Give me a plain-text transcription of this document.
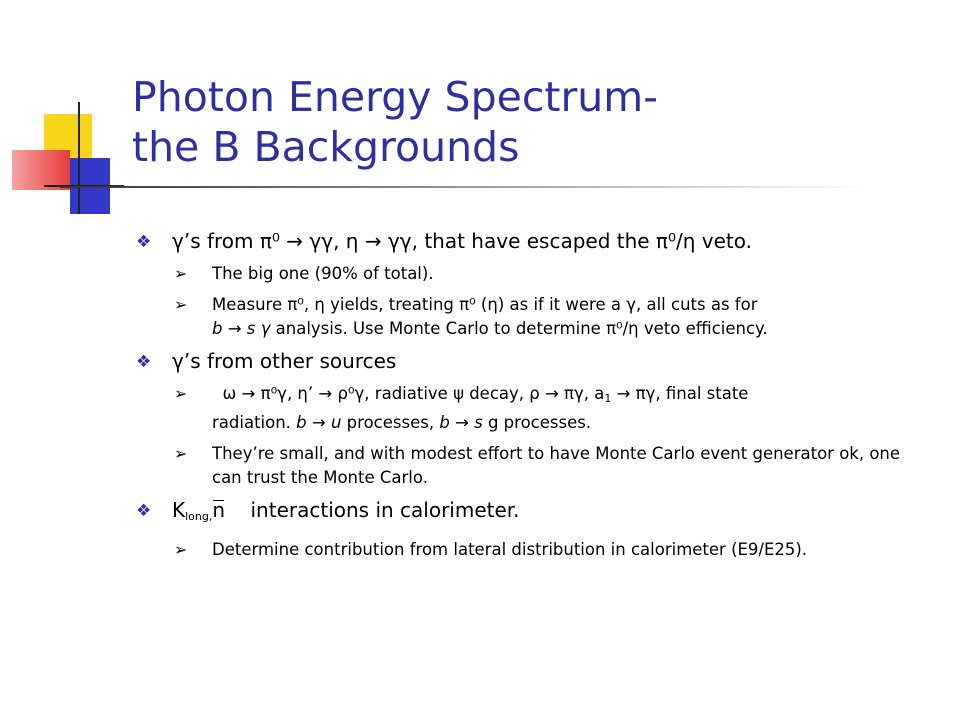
Photon Energy Spectrum-
the B Backgrounds
❖ γ’s from π⁰ → γγ, η → γγ, that have escaped the π⁰/η veto.
➢ The big one (90% of total).
➢ Measure π⁰, η yields, treating π⁰ (η) as if it were a γ, all cuts as for
b → s γ analysis. Use Monte Carlo to determine π⁰/η veto efficiency.
❖ γ’s from other sources
➢ ω → π⁰γ, η’ → ρ⁰γ, radiative ψ decay, ρ → πγ, $a_1 \to \pi\gamma$, final state
radiation. b → u processes, b → s g processes.
➢ They’re small, and with modest effort to have Monte Carlo event generator ok, one can trust the Monte Carlo.
❖ $K_{long,}n$ interactions in calorimeter.
➢ Determine contribution from lateral distribution in calorimeter (E9/E25).
